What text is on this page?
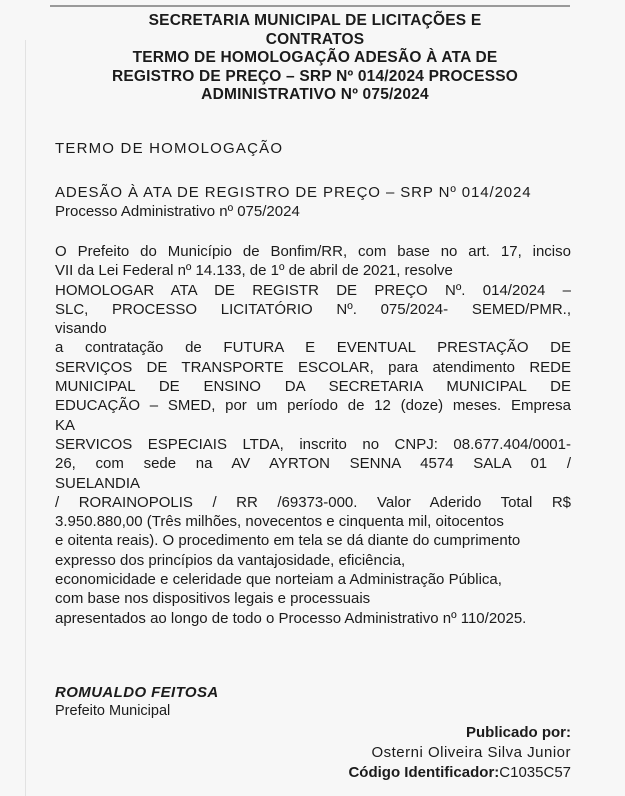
SECRETARIA MUNICIPAL DE LICITAÇÕES E
CONTRATOS
TERMO DE HOMOLOGAÇÃO ADESÃO À ATA DE
REGISTRO DE PREÇO – SRP Nº 014/2024 PROCESSO
ADMINISTRATIVO Nº 075/2024
TERMO DE HOMOLOGAÇÃO
ADESÃO À ATA DE REGISTRO DE PREÇO – SRP Nº 014/2024
Processo Administrativo nº 075/2024
O Prefeito do Município de Bonfim/RR, com base no art. 17, inciso
VII da Lei Federal nº 14.133, de 1º de abril de 2021, resolve
HOMOLOGAR ATA DE REGISTR DE PREÇO Nº. 014/2024 –
SLC, PROCESSO LICITATÓRIO Nº. 075/2024- SEMED/PMR.,
visando
a contratação de FUTURA E EVENTUAL PRESTAÇÃO DE
SERVIÇOS DE TRANSPORTE ESCOLAR, para atendimento REDE
MUNICIPAL DE ENSINO DA SECRETARIA MUNICIPAL DE
EDUCAÇÃO – SMED, por um período de 12 (doze) meses. Empresa
KA
SERVICOS ESPECIAIS LTDA, inscrito no CNPJ: 08.677.404/0001-
26, com sede na AV AYRTON SENNA 4574 SALA 01 /
SUELANDIA
/ RORAINOPOLIS / RR /69373-000. Valor Aderido Total R$
3.950.880,00 (Três milhões, novecentos e cinquenta mil, oitocentos
e oitenta reais). O procedimento em tela se dá diante do cumprimento
expresso dos princípios da vantajosidade, eficiência,
economicidade e celeridade que norteiam a Administração Pública,
com base nos dispositivos legais e processuais
apresentados ao longo de todo o Processo Administrativo nº 110/2025.
ROMUALDO FEITOSA
Prefeito Municipal
Publicado por:
Osterni Oliveira Silva Junior
Código Identificador:C1035C57
